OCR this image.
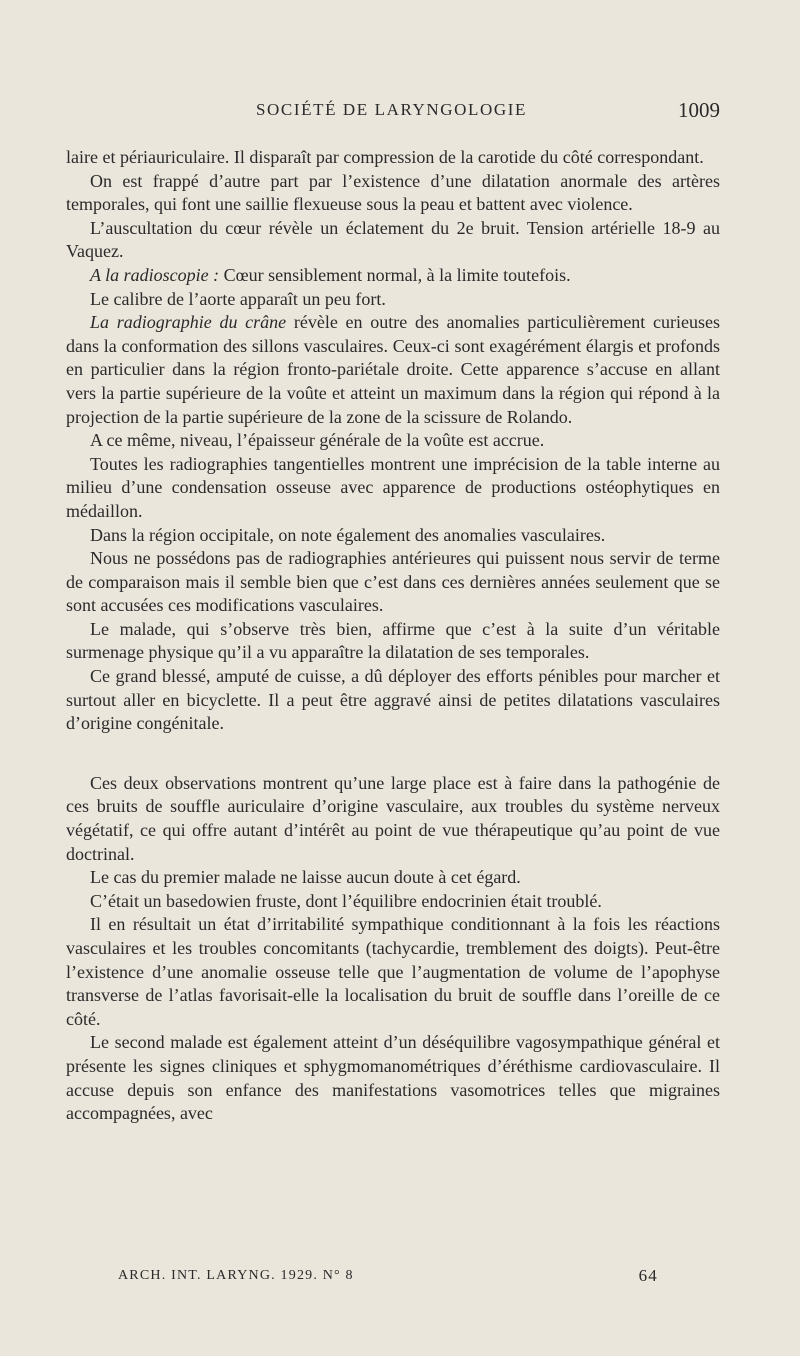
SOCIÉTÉ DE LARYNGOLOGIE	1009

laire et périauriculaire. Il disparaît par compression de la carotide du côté correspondant.

On est frappé d’autre part par l’existence d’une dilatation anormale des artères temporales, qui font une saillie flexueuse sous la peau et battent avec violence.

L’auscultation du cœur révèle un éclatement du 2e bruit. Tension artérielle 18-9 au Vaquez.

A la radioscopie : Cœur sensiblement normal, à la limite toutefois.

Le calibre de l’aorte apparaît un peu fort.

La radiographie du crâne révèle en outre des anomalies particulièrement curieuses dans la conformation des sillons vasculaires. Ceux-ci sont exagérément élargis et profonds en particulier dans la région fronto-pariétale droite. Cette apparence s’accuse en allant vers la partie supérieure de la voûte et atteint un maximum dans la région qui répond à la projection de la partie supérieure de la zone de la scissure de Rolando.

A ce même, niveau, l’épaisseur générale de la voûte est accrue.

Toutes les radiographies tangentielles montrent une imprécision de la table interne au milieu d’une condensation osseuse avec apparence de productions ostéophytiques en médaillon.

Dans la région occipitale, on note également des anomalies vasculaires.

Nous ne possédons pas de radiographies antérieures qui puissent nous servir de terme de comparaison mais il semble bien que c’est dans ces dernières années seulement que se sont accusées ces modifications vasculaires.

Le malade, qui s’observe très bien, affirme que c’est à la suite d’un véritable surmenage physique qu’il a vu apparaître la dilatation de ses temporales.

Ce grand blessé, amputé de cuisse, a dû déployer des efforts pénibles pour marcher et surtout aller en bicyclette. Il a peut être aggravé ainsi de petites dilatations vasculaires d’origine congénitale.

Ces deux observations montrent qu’une large place est à faire dans la pathogénie de ces bruits de souffle auriculaire d’origine vasculaire, aux troubles du système nerveux végétatif, ce qui offre autant d’intérêt au point de vue thérapeutique qu’au point de vue doctrinal.

Le cas du premier malade ne laisse aucun doute à cet égard.

C’était un basedowien fruste, dont l’équilibre endocrinien était troublé.

Il en résultait un état d’irritabilité sympathique conditionnant à la fois les réactions vasculaires et les troubles concomitants (tachycardie, tremblement des doigts). Peut-être l’existence d’une anomalie osseuse telle que l’augmentation de volume de l’apophyse transverse de l’atlas favorisait-elle la localisation du bruit de souffle dans l’oreille de ce côté.

Le second malade est également atteint d’un déséquilibre vagosympathique général et présente les signes cliniques et sphygmomanométriques d’éréthisme cardiovasculaire. Il accuse depuis son enfance des manifestations vasomotrices telles que migraines accompagnées, avec

ARCH. INT. LARYNG. 1929. N° 8	64
